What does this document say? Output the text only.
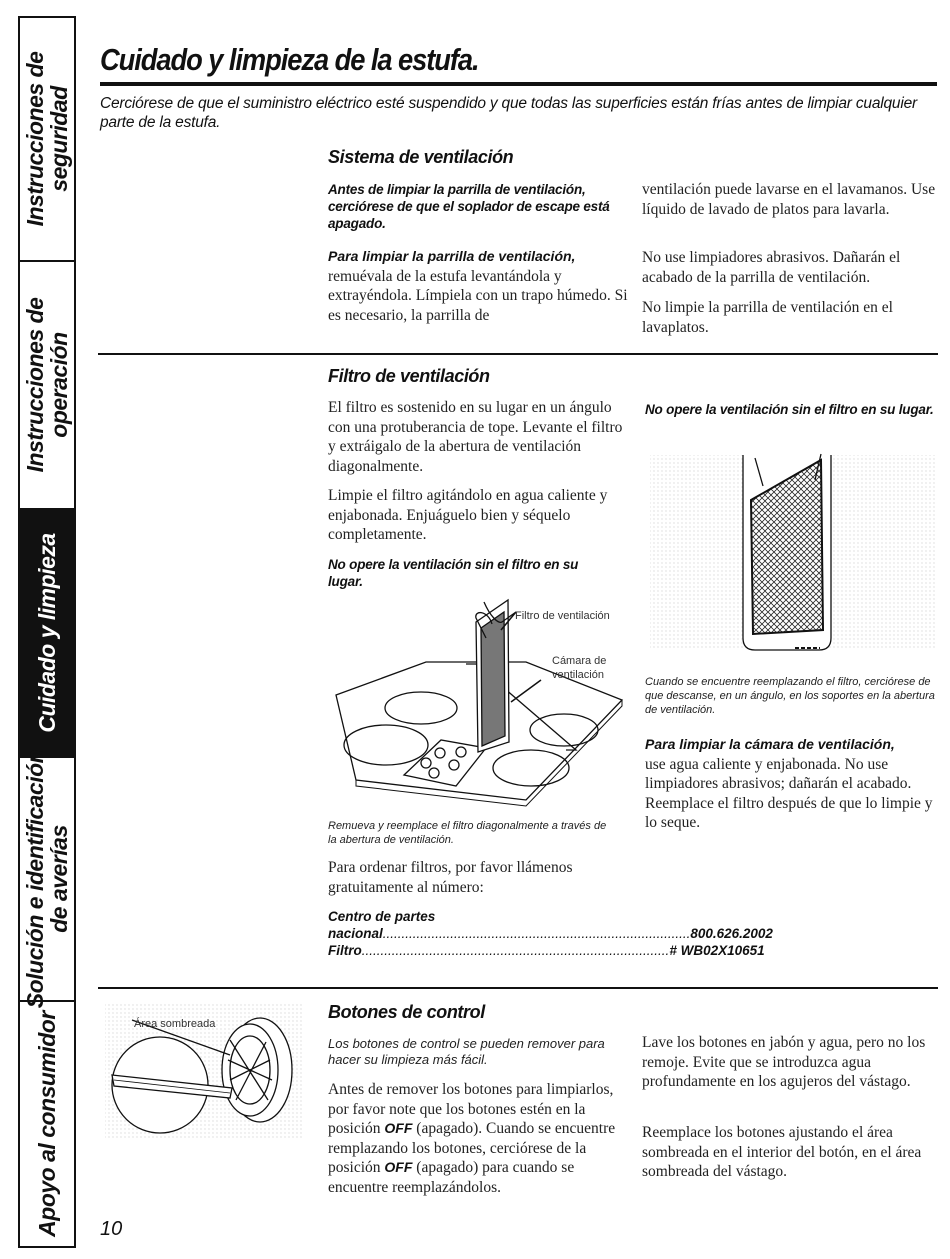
Instrucciones de
seguridad
Instrucciones de
operación
Cuidado y limpieza
Solución e identificación
de averías
Apoyo al consumidor
Cuidado y limpieza de la estufa.
Cerciórese de que el suministro eléctrico esté suspendido y que todas las superficies están frías antes de limpiar cualquier parte de la estufa.
Sistema de ventilación
Antes de limpiar la parrilla de ventilación, cerciórese de que el soplador de escape está apagado.
Para limpiar la parrilla de ventilación, remuévala de la estufa levantándola y extrayéndola. Límpiela con un trapo húmedo. Si es necesario, la parrilla de
ventilación puede lavarse en el lavamanos. Use líquido de lavado de platos para lavarla.
No use limpiadores abrasivos. Dañarán el acabado de la parrilla de ventilación.
No limpie la parrilla de ventilación en el lavaplatos.
Filtro de ventilación
El filtro es sostenido en su lugar en un ángulo con una protuberancia de tope. Levante el filtro y extráigalo de la abertura de ventilación diagonalmente.
Limpie el filtro agitándolo en agua caliente y enjabonada. Enjuáguelo bien y séquelo completamente.
No opere la ventilación sin el filtro en su lugar.
Filtro de ventilación
Cámara de
ventilación
Remueva y reemplace el filtro diagonalmente a través de la abertura de ventilación.
Para ordenar filtros, por favor llámenos gratuitamente al número:
Centro de partes
nacional .................................................................................. 800.626.2002
Filtro .................................................................................. # WB02X10651
No opere la ventilación sin el filtro en su lugar.
Cuando se encuentre reemplazando el filtro, cerciórese de que descanse, en un ángulo, en los soportes en la abertura de ventilación.
Para limpiar la cámara de ventilación,
use agua caliente y enjabonada. No use limpiadores abrasivos; dañarán el acabado. Reemplace el filtro después de que lo limpie y lo seque.
Área sombreada
Botones de control
Los botones de control se pueden remover para hacer su limpieza más fácil.
Antes de remover los botones para limpiarlos, por favor note que los botones estén en la posición OFF (apagado). Cuando se encuentre remplazando los botones, cerciórese de la posición OFF (apagado) para cuando se encuentre reemplazándolos.
Lave los botones en jabón y agua, pero no los remoje. Evite que se introduzca agua profundamente en los agujeros del vástago.
Reemplace los botones ajustando el área sombreada en el interior del botón, en el área sombreada del vástago.
10
